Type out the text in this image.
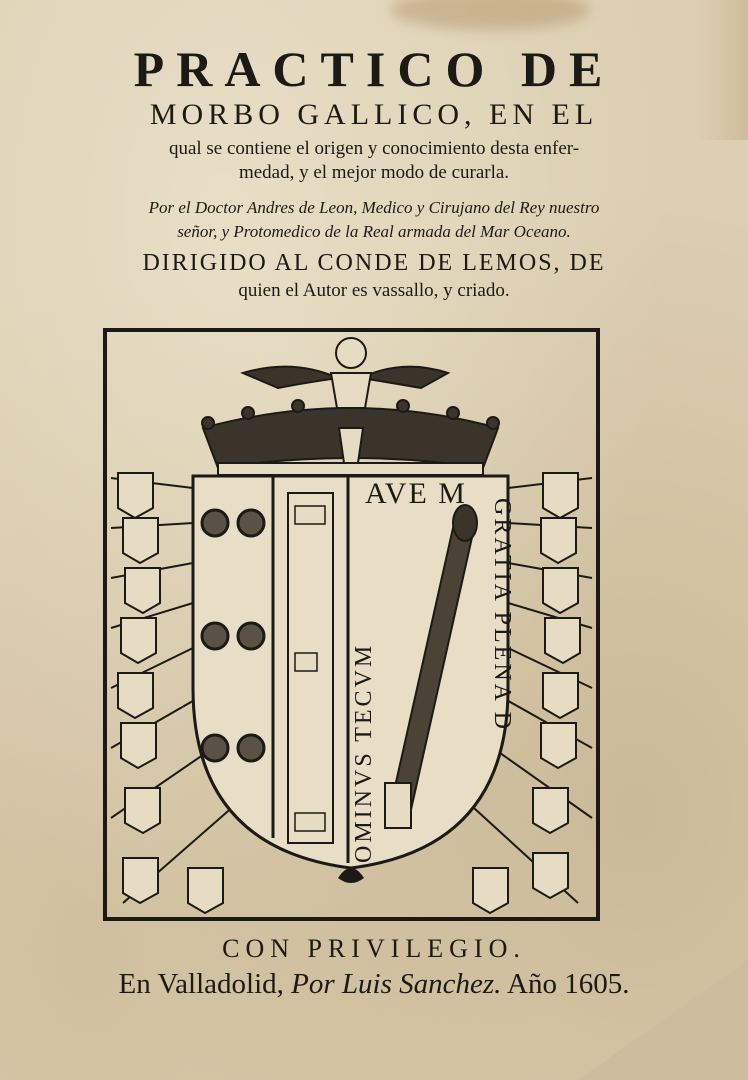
PRACTICO DE
MORBO GALLICO, EN EL
qual se contiene el origen y conocimiento desta enfer-
medad, y el mejor modo de curarla.
Por el Doctor Andres de Leon, Medico y Cirujano del Rey nuestro
señor, y Protomedico de la Real armada del Mar Oceano.
DIRIGIDO AL CONDE DE LEMOS, DE
quien el Autor es vassallo, y criado.
AVE M
GRATIA PLENA D
OMINVS TECVM
CON PRIVILEGIO.
En Valladolid, Por Luis Sanchez. Año 1605.
